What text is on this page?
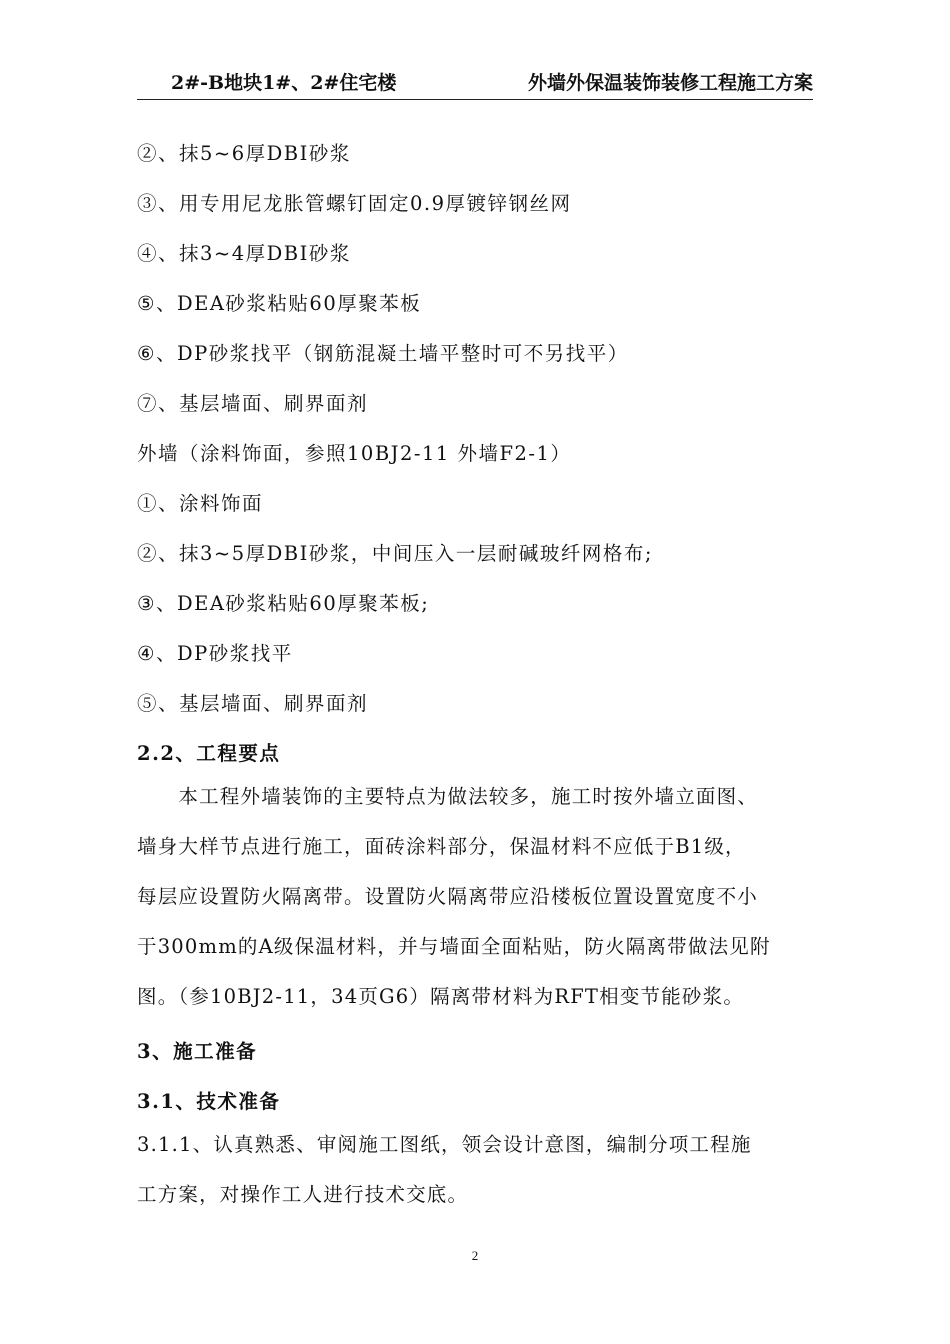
2#-B地块1#、2#住宅楼	外墙外保温装饰装修工程施工方案
②、抹5~6厚DBI砂浆
③、用专用尼龙胀管螺钉固定0.9厚镀锌钢丝网
④、抹3~4厚DBI砂浆
⑤、DEA砂浆粘贴60厚聚苯板
⑥、DP砂浆找平（钢筋混凝土墙平整时可不另找平）
⑦、基层墙面、刷界面剂
外墙（涂料饰面，参照10BJ2-11 外墙F2-1）
①、涂料饰面
②、抹3~5厚DBI砂浆，中间压入一层耐碱玻纤网格布;
③、DEA砂浆粘贴60厚聚苯板;
④、DP砂浆找平
⑤、基层墙面、刷界面剂
2.2、工程要点
　　本工程外墙装饰的主要特点为做法较多，施工时按外墙立面图、
墙身大样节点进行施工，面砖涂料部分，保温材料不应低于B1级，
每层应设置防火隔离带。设置防火隔离带应沿楼板位置设置宽度不小
于300mm的A级保温材料，并与墙面全面粘贴，防火隔离带做法见附
图。（参10BJ2-11，34页G6）隔离带材料为RFT相变节能砂浆。
3、施工准备
3.1、技术准备
3.1.1、认真熟悉、审阅施工图纸，领会设计意图，编制分项工程施
工方案，对操作工人进行技术交底。
2
